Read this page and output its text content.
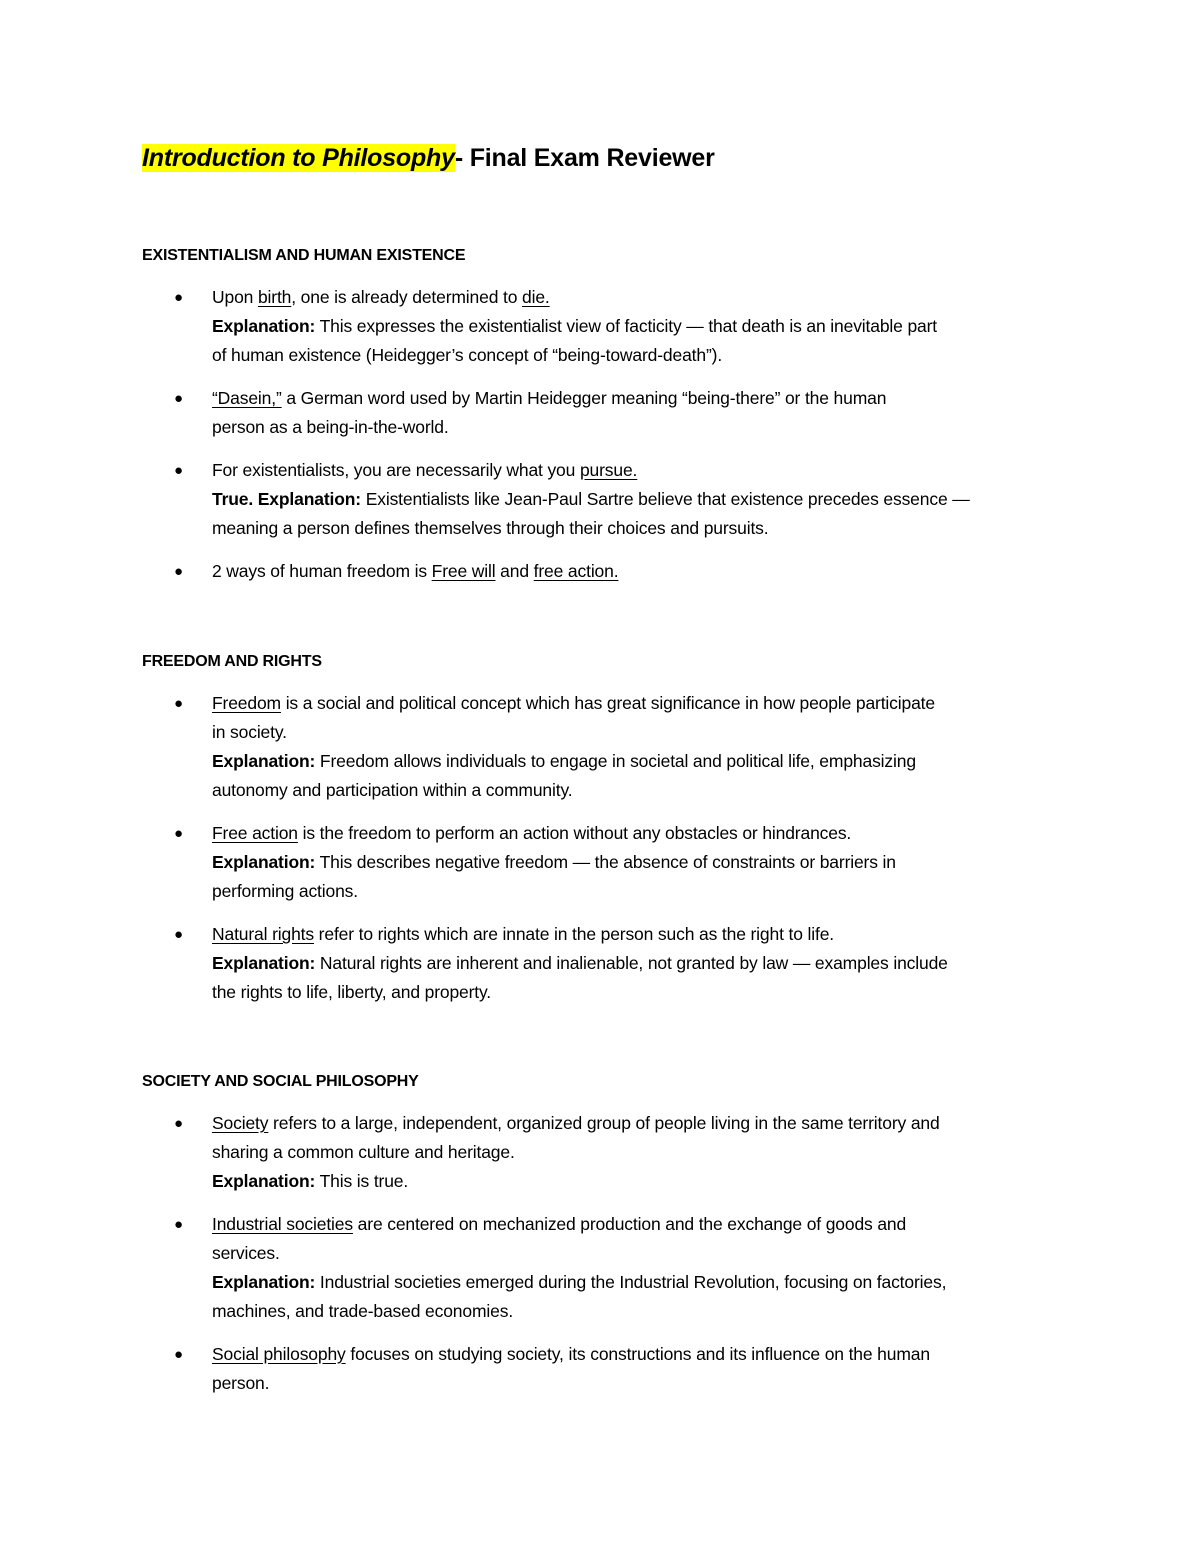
Introduction to Philosophy- Final Exam Reviewer
EXISTENTIALISM AND HUMAN EXISTENCE
● Upon birth, one is already determined to die.
Explanation: This expresses the existentialist view of facticity — that death is an inevitable part
of human existence (Heidegger’s concept of “being-toward-death”).
● “Dasein,” a German word used by Martin Heidegger meaning “being-there” or the human
person as a being-in-the-world.
● For existentialists, you are necessarily what you pursue.
True. Explanation: Existentialists like Jean-Paul Sartre believe that existence precedes essence —
meaning a person defines themselves through their choices and pursuits.
● 2 ways of human freedom is Free will and free action.
FREEDOM AND RIGHTS
● Freedom is a social and political concept which has great significance in how people participate
in society.
Explanation: Freedom allows individuals to engage in societal and political life, emphasizing
autonomy and participation within a community.
● Free action is the freedom to perform an action without any obstacles or hindrances.
Explanation: This describes negative freedom — the absence of constraints or barriers in
performing actions.
● Natural rights refer to rights which are innate in the person such as the right to life.
Explanation: Natural rights are inherent and inalienable, not granted by law — examples include
the rights to life, liberty, and property.
SOCIETY AND SOCIAL PHILOSOPHY
● Society refers to a large, independent, organized group of people living in the same territory and
sharing a common culture and heritage.
Explanation: This is true.
● Industrial societies are centered on mechanized production and the exchange of goods and
services.
Explanation: Industrial societies emerged during the Industrial Revolution, focusing on factories,
machines, and trade-based economies.
● Social philosophy focuses on studying society, its constructions and its influence on the human
person.
